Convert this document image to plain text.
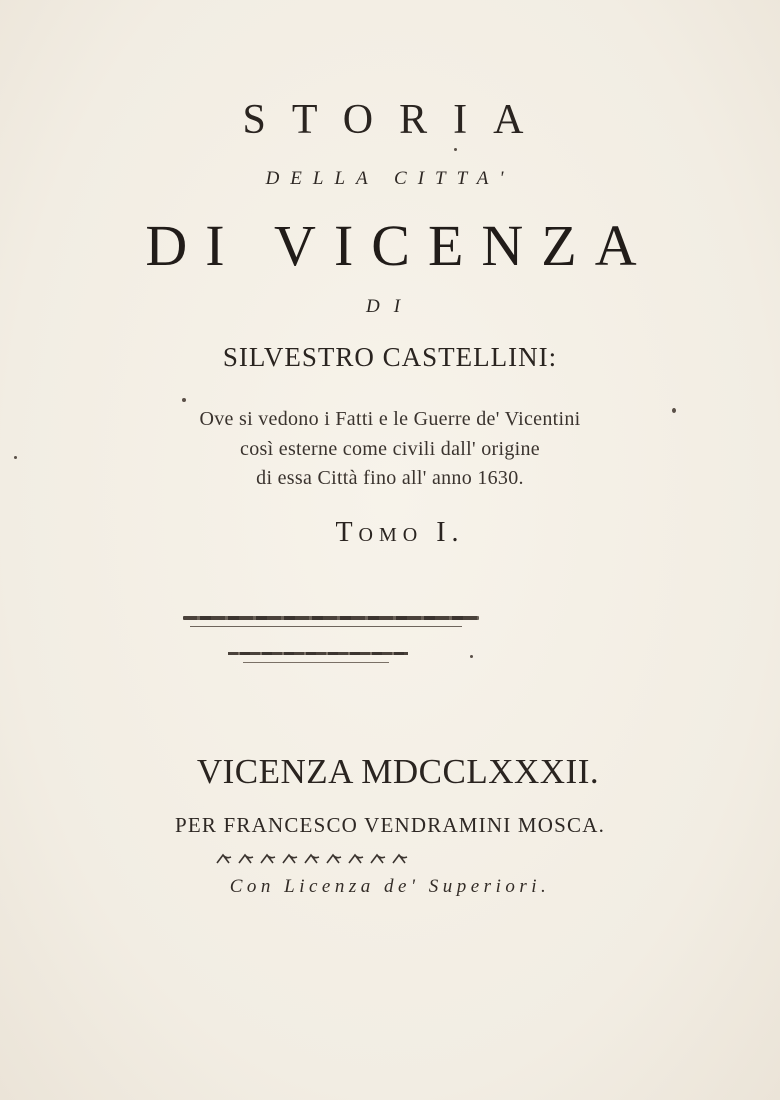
STORIA

DELLA CITTA'

DI VICENZA

DI

SILVESTRO CASTELLINI:

Ove si vedono i Fatti e le Guerre de' Vicentini

così esterne come civili dall' origine

di essa Città fino all' anno 1630.

Tomo I.

VICENZA MDCCLXXXII.

PER FRANCESCO VENDRAMINI MOSCA.

Con Licenza de' Superiori.
